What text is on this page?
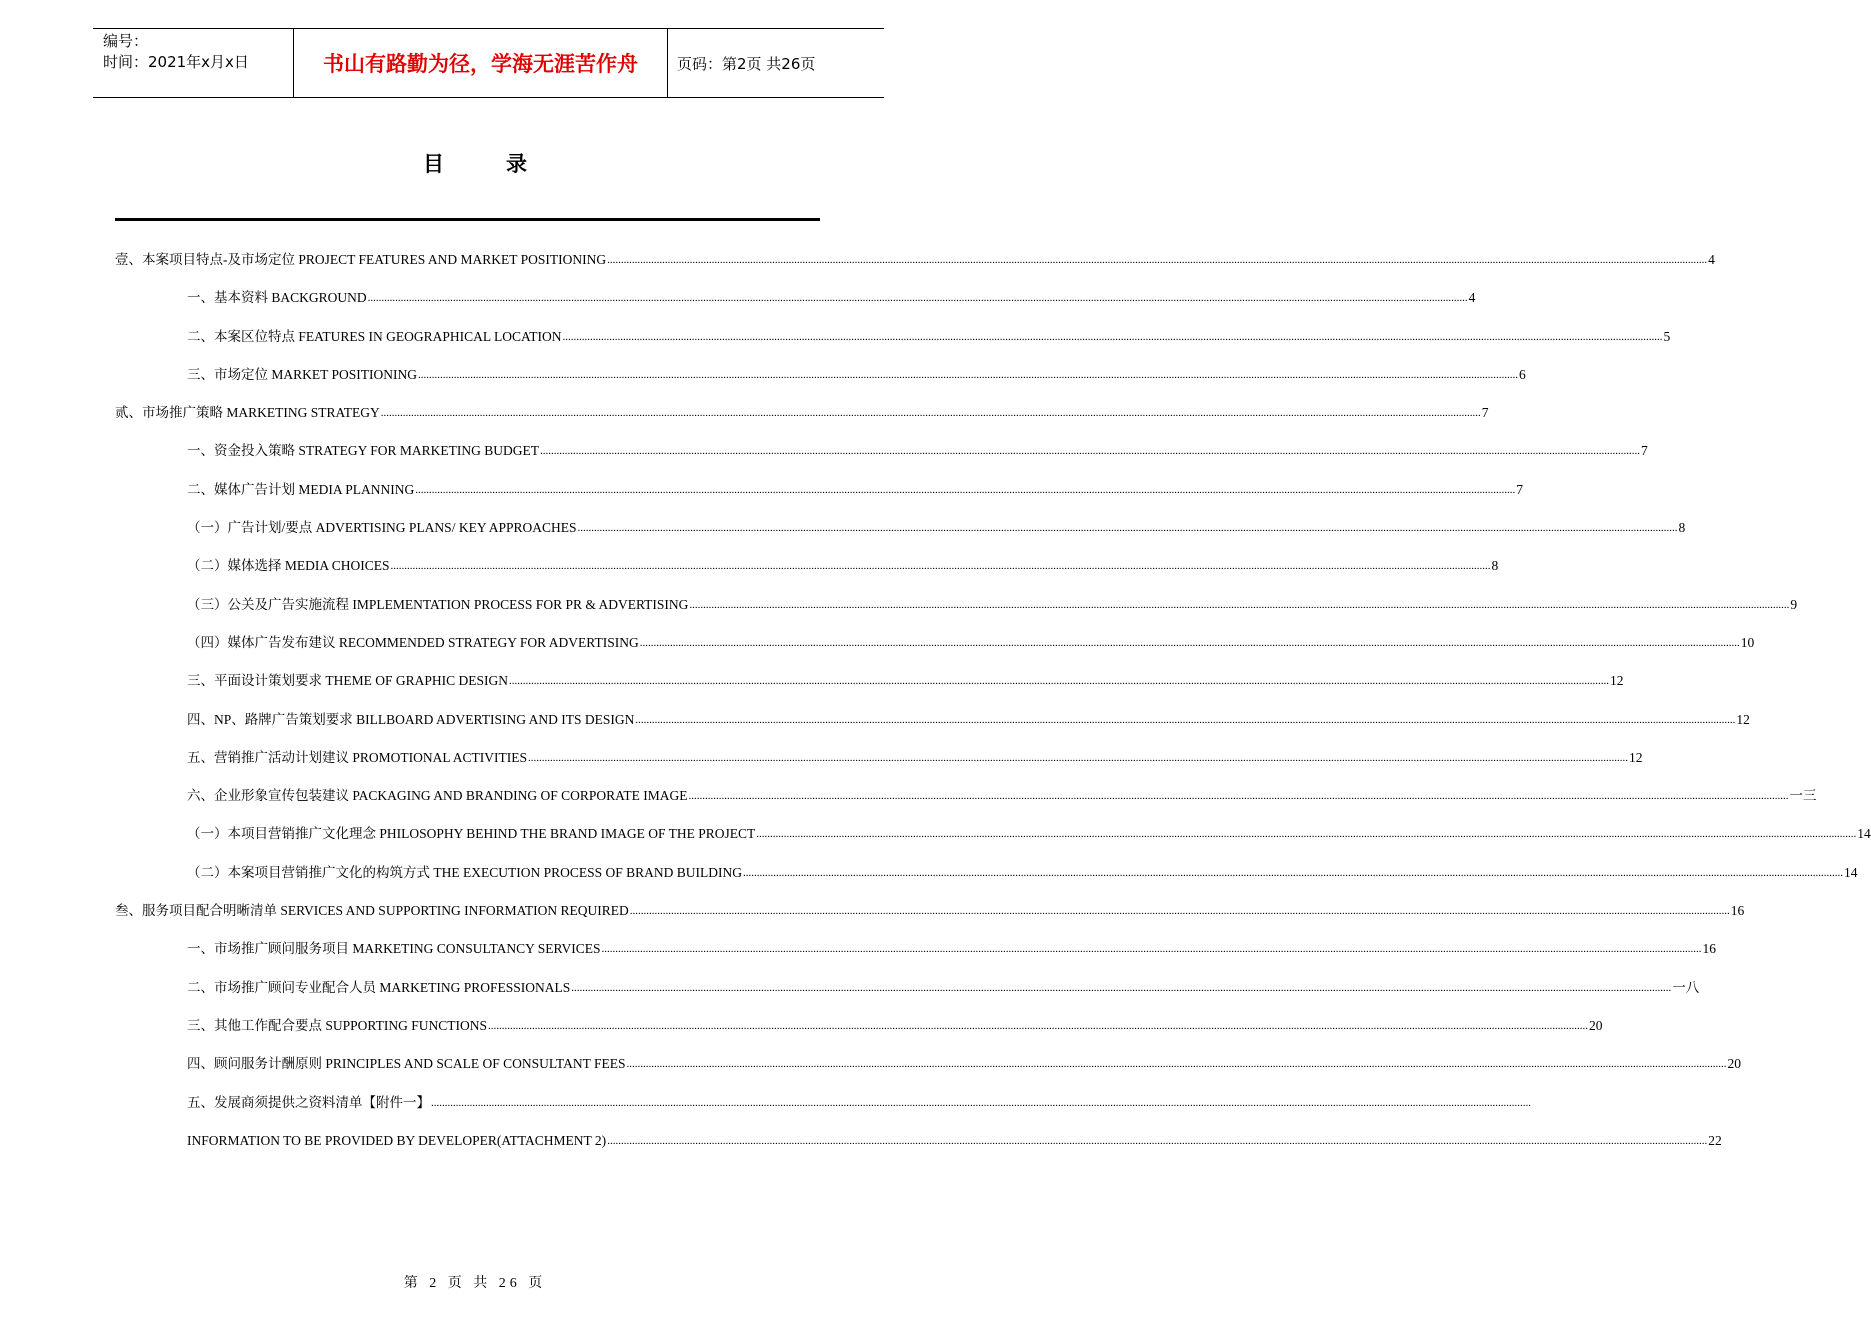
编号：
时间：2021年x月x日	书山有路勤为径，学海无涯苦作舟	页码：第2页 共26页
目	录
壹、本案项目特点-及市场定位 PROJECT FEATURES AND MARKET POSITIONING ................................................................................................................................................................................................................................................................................................................................................................................................................ 4
一、基本资料 BACKGROUND ................................................................................................................................................................................................................................................................................................................................................................................................................ 4
二、本案区位特点 FEATURES IN GEOGRAPHICAL LOCATION ................................................................................................................................................................................................................................................................................................................................................................................................................ 5
三、市场定位 MARKET POSITIONING ................................................................................................................................................................................................................................................................................................................................................................................................................ 6
贰、市场推广策略 MARKETING STRATEGY ................................................................................................................................................................................................................................................................................................................................................................................................................ 7
一、资金投入策略 STRATEGY FOR MARKETING BUDGET ................................................................................................................................................................................................................................................................................................................................................................................................................ 7
二、媒体广告计划 MEDIA PLANNING ................................................................................................................................................................................................................................................................................................................................................................................................................ 7
（一）广告计划/要点 ADVERTISING PLANS/ KEY APPROACHES ................................................................................................................................................................................................................................................................................................................................................................................................................ 8
（二）媒体选择 MEDIA CHOICES ................................................................................................................................................................................................................................................................................................................................................................................................................ 8
（三）公关及广告实施流程 IMPLEMENTATION PROCESS FOR PR & ADVERTISING ................................................................................................................................................................................................................................................................................................................................................................................................................ 9
（四）媒体广告发布建议 RECOMMENDED STRATEGY FOR ADVERTISING ................................................................................................................................................................................................................................................................................................................................................................................................................ 10
三、平面设计策划要求 THEME OF GRAPHIC DESIGN ................................................................................................................................................................................................................................................................................................................................................................................................................ 12
四、NP、路牌广告策划要求 BILLBOARD ADVERTISING AND ITS DESIGN ................................................................................................................................................................................................................................................................................................................................................................................................................ 12
五、营销推广活动计划建议 PROMOTIONAL ACTIVITIES ................................................................................................................................................................................................................................................................................................................................................................................................................ 12
六、企业形象宣传包装建议 PACKAGING AND BRANDING OF CORPORATE IMAGE ................................................................................................................................................................................................................................................................................................................................................................................................................ 一三
（一）本项目营销推广文化理念 PHILOSOPHY BEHIND THE BRAND IMAGE OF THE PROJECT ................................................................................................................................................................................................................................................................................................................................................................................................................ 14
（二）本案项目营销推广文化的构筑方式 THE EXECUTION PROCESS OF BRAND BUILDING ................................................................................................................................................................................................................................................................................................................................................................................................................ 14
叁、服务项目配合明晰清单 SERVICES AND SUPPORTING INFORMATION REQUIRED ................................................................................................................................................................................................................................................................................................................................................................................................................ 16
一、市场推广顾问服务项目 MARKETING CONSULTANCY SERVICES ................................................................................................................................................................................................................................................................................................................................................................................................................ 16
二、市场推广顾问专业配合人员 MARKETING PROFESSIONALS ................................................................................................................................................................................................................................................................................................................................................................................................................ 一八
三、其他工作配合要点 SUPPORTING FUNCTIONS ................................................................................................................................................................................................................................................................................................................................................................................................................ 20
四、顾问服务计酬原则 PRINCIPLES AND SCALE OF CONSULTANT FEES ................................................................................................................................................................................................................................................................................................................................................................................................................ 20
五、发展商须提供之资料清单【附件一】 ................................................................................................................................................................................................................................................................................................................................................................................................................
INFORMATION TO BE PROVIDED BY DEVELOPER(ATTACHMENT 2) ................................................................................................................................................................................................................................................................................................................................................................................................................ 22
第 2 页 共 26 页
